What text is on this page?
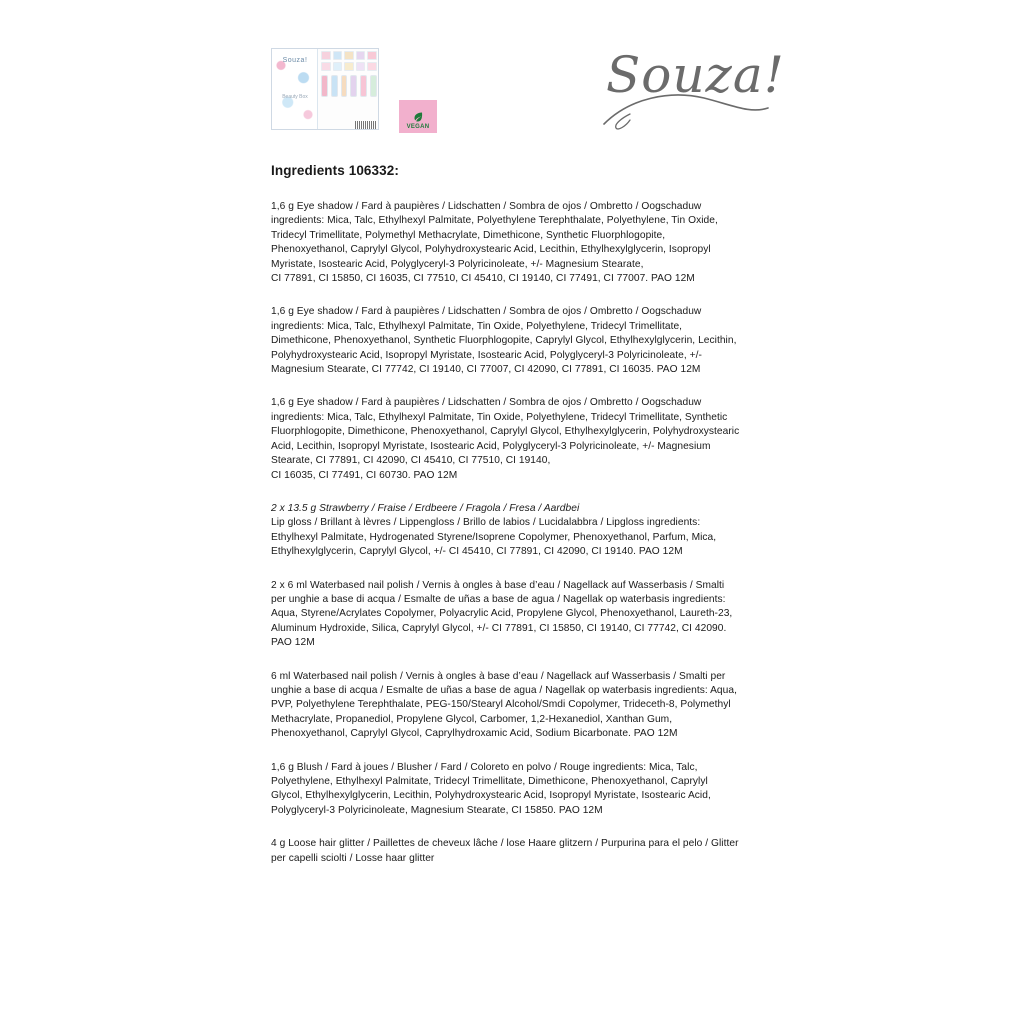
Souza!
Beauty Box
VEGAN
Souza!
Ingredients 106332:
1,6 g Eye shadow / Fard à paupières / Lidschatten / Sombra de ojos / Ombretto / Oogschaduw ingredients: Mica, Talc, Ethylhexyl Palmitate, Polyethylene Terephthalate, Polyethylene, Tin Oxide, Tridecyl Trimellitate, Polymethyl Methacrylate, Dimethicone, Synthetic Fluorphlogopite, Phenoxyethanol, Caprylyl Glycol, Polyhydroxystearic Acid, Lecithin, Ethylhexylglycerin, Isopropyl Myristate, Isostearic Acid, Polyglyceryl-3 Polyricinoleate, +/- Magnesium Stearate,
CI 77891, CI 15850, CI 16035, CI 77510, CI 45410, CI 19140, CI 77491, CI 77007. PAO 12M
1,6 g Eye shadow / Fard à paupières / Lidschatten / Sombra de ojos / Ombretto / Oogschaduw ingredients: Mica, Talc, Ethylhexyl Palmitate, Tin Oxide, Polyethylene, Tridecyl Trimellitate, Dimethicone, Phenoxyethanol, Synthetic Fluorphlogopite, Caprylyl Glycol, Ethylhexylglycerin, Lecithin, Polyhydroxystearic Acid, Isopropyl Myristate, Isostearic Acid, Polyglyceryl-3 Polyricinoleate, +/- Magnesium Stearate, CI 77742, CI 19140, CI 77007, CI 42090, CI 77891, CI 16035. PAO 12M
1,6 g Eye shadow / Fard à paupières / Lidschatten / Sombra de ojos / Ombretto / Oogschaduw ingredients: Mica, Talc, Ethylhexyl Palmitate, Tin Oxide, Polyethylene, Tridecyl Trimellitate, Synthetic Fluorphlogopite, Dimethicone, Phenoxyethanol, Caprylyl Glycol, Ethylhexylglycerin, Polyhydroxystearic Acid, Lecithin, Isopropyl Myristate, Isostearic Acid, Polyglyceryl-3 Polyricinoleate, +/- Magnesium Stearate, CI 77891, CI 42090, CI 45410, CI 77510, CI 19140,
CI 16035, CI 77491, CI 60730. PAO 12M
2 x 13.5 g Strawberry / Fraise / Erdbeere / Fragola / Fresa / Aardbei
Lip gloss / Brillant à lèvres / Lippengloss / Brillo de labios / Lucidalabbra / Lipgloss ingredients: Ethylhexyl Palmitate, Hydrogenated Styrene/Isoprene Copolymer, Phenoxyethanol, Parfum, Mica, Ethylhexylglycerin, Caprylyl Glycol, +/- CI 45410, CI 77891, CI 42090, CI 19140. PAO 12M
2 x 6 ml Waterbased nail polish / Vernis à ongles à base d’eau / Nagellack auf Wasserbasis / Smalti per unghie a base di acqua / Esmalte de uñas a base de agua / Nagellak op waterbasis ingredients: Aqua, Styrene/Acrylates Copolymer, Polyacrylic Acid, Propylene Glycol, Phenoxyethanol, Laureth-23, Aluminum Hydroxide, Silica, Caprylyl Glycol, +/- CI 77891, CI 15850, CI 19140, CI 77742, CI 42090. PAO 12M
6 ml Waterbased nail polish / Vernis à ongles à base d’eau / Nagellack auf Wasserbasis / Smalti per unghie a base di acqua / Esmalte de uñas a base de agua / Nagellak op waterbasis ingredients: Aqua, PVP, Polyethylene Terephthalate, PEG-150/Stearyl Alcohol/Smdi Copolymer, Trideceth-8, Polymethyl Methacrylate, Propanediol, Propylene Glycol, Carbomer, 1,2-Hexanediol, Xanthan Gum, Phenoxyethanol, Caprylyl Glycol, Caprylhydroxamic Acid, Sodium Bicarbonate. PAO 12M
1,6 g Blush / Fard à joues / Blusher / Fard / Coloreto en polvo / Rouge ingredients: Mica, Talc, Polyethylene, Ethylhexyl Palmitate, Tridecyl Trimellitate, Dimethicone, Phenoxyethanol, Caprylyl Glycol, Ethylhexylglycerin, Lecithin, Polyhydroxystearic Acid, Isopropyl Myristate, Isostearic Acid, Polyglyceryl-3 Polyricinoleate, Magnesium Stearate, CI 15850. PAO 12M
4 g Loose hair glitter / Paillettes de cheveux lâche / lose Haare glitzern / Purpurina para el pelo / Glitter per capelli sciolti / Losse haar glitter
